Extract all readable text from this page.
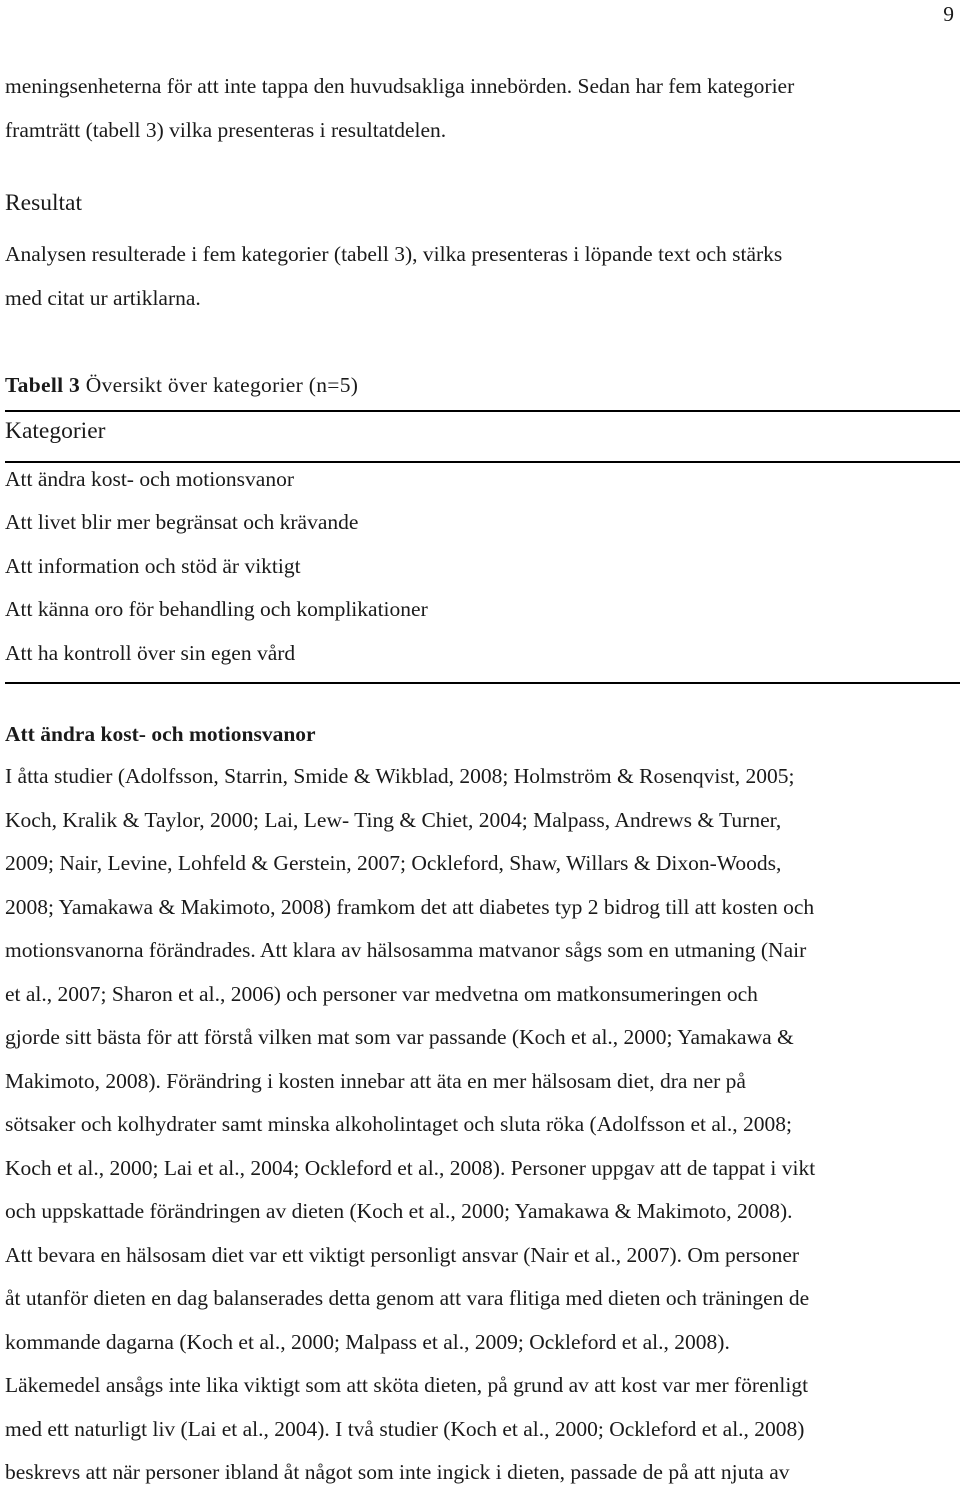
9
meningsenheterna för att inte tappa den huvudsakliga innebörden. Sedan har fem kategorier
framträtt (tabell 3) vilka presenteras i resultatdelen.
Resultat
Analysen resulterade i fem kategorier (tabell 3), vilka presenteras i löpande text och stärks
med citat ur artiklarna.
Tabell 3 Översikt över kategorier (n=5)
Kategorier
Att ändra kost- och motionsvanor
Att livet blir mer begränsat och krävande
Att information och stöd är viktigt
Att känna oro för behandling och komplikationer
Att ha kontroll över sin egen vård
Att ändra kost- och motionsvanor
I åtta studier (Adolfsson, Starrin, Smide & Wikblad, 2008; Holmström & Rosenqvist, 2005;
Koch, Kralik & Taylor, 2000; Lai, Lew- Ting & Chiet, 2004; Malpass, Andrews & Turner,
2009; Nair, Levine, Lohfeld & Gerstein, 2007; Ockleford, Shaw, Willars & Dixon-Woods,
2008; Yamakawa & Makimoto, 2008) framkom det att diabetes typ 2 bidrog till att kosten och
motionsvanorna förändrades. Att klara av hälsosamma matvanor sågs som en utmaning (Nair
et al., 2007; Sharon et al., 2006) och personer var medvetna om matkonsumeringen och
gjorde sitt bästa för att förstå vilken mat som var passande (Koch et al., 2000; Yamakawa &
Makimoto, 2008). Förändring i kosten innebar att äta en mer hälsosam diet, dra ner på
sötsaker och kolhydrater samt minska alkoholintaget och sluta röka (Adolfsson et al., 2008;
Koch et al., 2000; Lai et al., 2004; Ockleford et al., 2008). Personer uppgav att de tappat i vikt
och uppskattade förändringen av dieten (Koch et al., 2000; Yamakawa & Makimoto, 2008).
Att bevara en hälsosam diet var ett viktigt personligt ansvar (Nair et al., 2007). Om personer
åt utanför dieten en dag balanserades detta genom att vara flitiga med dieten och träningen de
kommande dagarna (Koch et al., 2000; Malpass et al., 2009; Ockleford et al., 2008).
Läkemedel ansågs inte lika viktigt som att sköta dieten, på grund av att kost var mer förenligt
med ett naturligt liv (Lai et al., 2004). I två studier (Koch et al., 2000; Ockleford et al., 2008)
beskrevs att när personer ibland åt något som inte ingick i dieten, passade de på att njuta av
